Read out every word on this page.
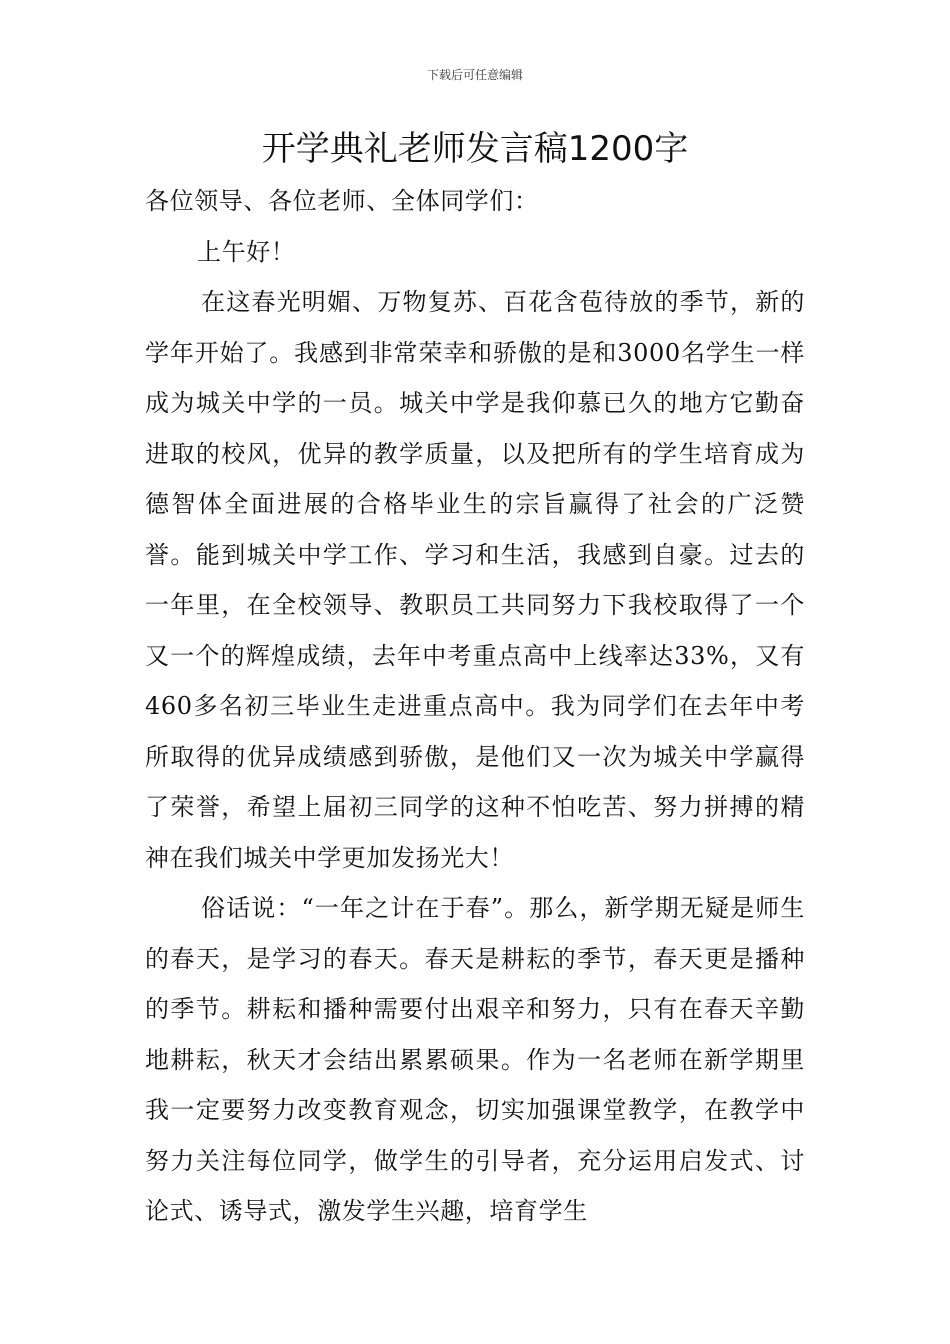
下载后可任意编辑
开学典礼老师发言稿1200字

各位领导、各位老师、全体同学们：

上午好！

在这春光明媚、万物复苏、百花含苞待放的季节，新的学年开始了。我感到非常荣幸和骄傲的是和3000名学生一样成为城关中学的一员。城关中学是我仰慕已久的地方它勤奋进取的校风，优异的教学质量，以及把所有的学生培育成为德智体全面进展的合格毕业生的宗旨赢得了社会的广泛赞誉。能到城关中学工作、学习和生活，我感到自豪。过去的一年里，在全校领导、教职员工共同努力下我校取得了一个又一个的辉煌成绩，去年中考重点高中上线率达33%，又有460多名初三毕业生走进重点高中。我为同学们在去年中考所取得的优异成绩感到骄傲，是他们又一次为城关中学赢得了荣誉，希望上届初三同学的这种不怕吃苦、努力拼搏的精神在我们城关中学更加发扬光大！

俗话说：“一年之计在于春”。那么，新学期无疑是师生的春天，是学习的春天。春天是耕耘的季节，春天更是播种的季节。耕耘和播种需要付出艰辛和努力，只有在春天辛勤地耕耘，秋天才会结出累累硕果。作为一名老师在新学期里我一定要努力改变教育观念，切实加强课堂教学，在教学中努力关注每位同学，做学生的引导者，充分运用启发式、讨论式、诱导式，激发学生兴趣，培育学生
